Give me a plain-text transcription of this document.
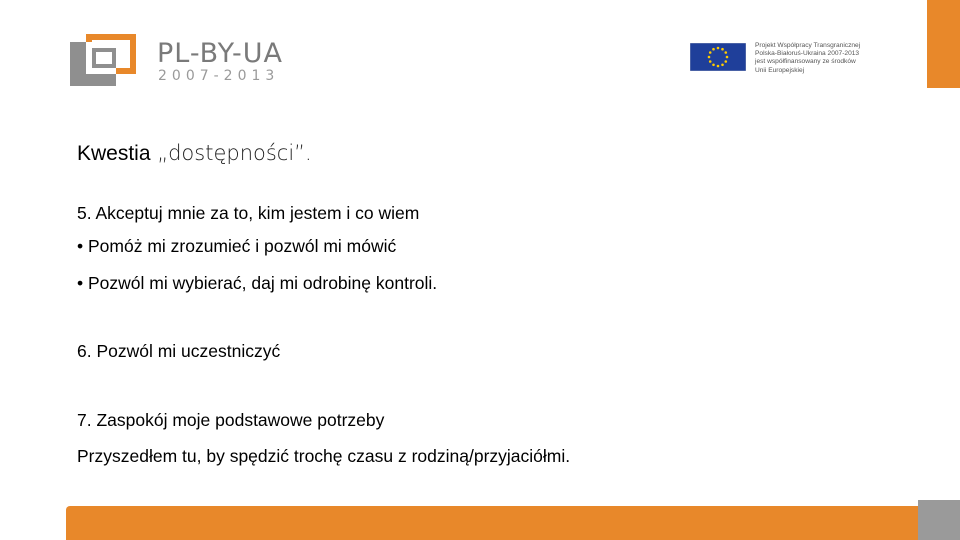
PL-BY-UA
2007-2013
Projekt Współpracy Transgranicznej
Polska-Białoruś-Ukraina 2007-2013
jest współfinansowany ze środków
Unii Europejskiej
Kwestia „dostępności”.
5. Akceptuj mnie za to, kim jestem i co wiem
• Pomóż mi zrozumieć i pozwól mi mówić
• Pozwól mi wybierać, daj mi odrobinę kontroli.
6. Pozwól mi uczestniczyć
7. Zaspokój moje podstawowe potrzeby
Przyszedłem tu, by spędzić trochę czasu z rodziną/przyjaciółmi.
